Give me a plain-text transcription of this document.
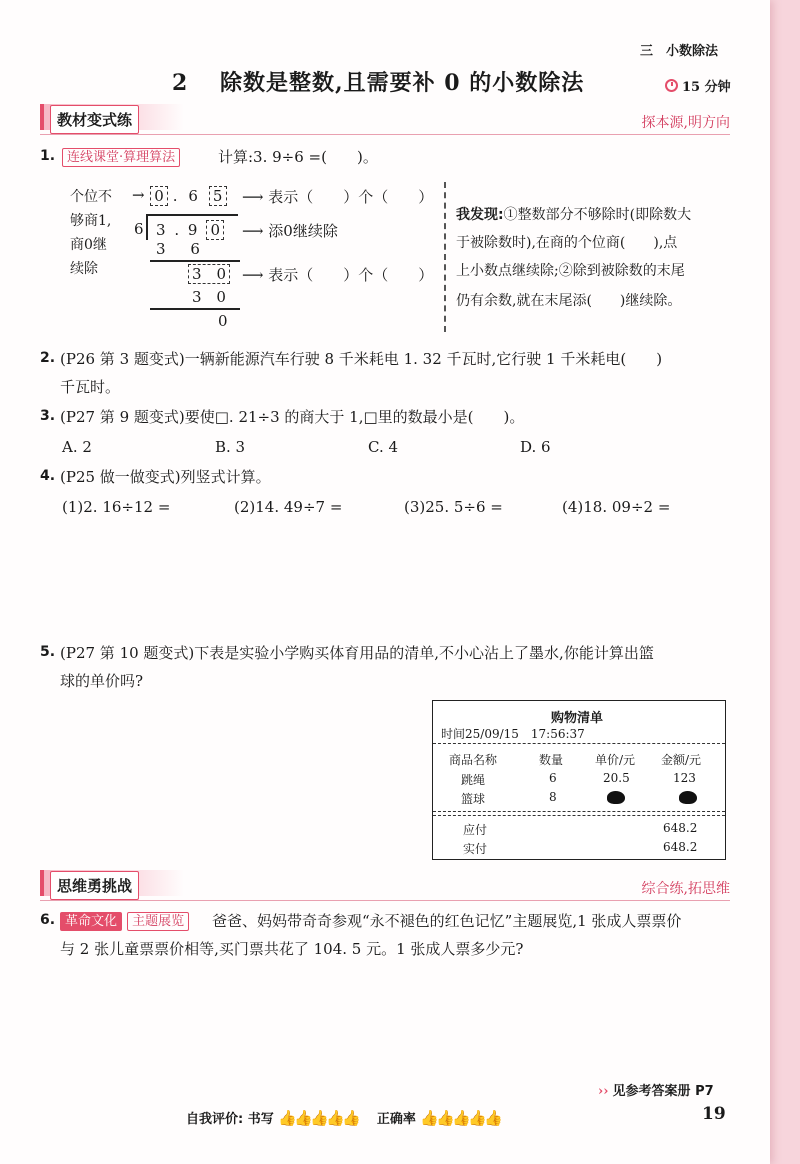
三　小数除法
2　 除数是整数,且需要补 0 的小数除法	15 分钟
教材变式练	探本源,明方向
1. 连线课堂·算理算法	计算:3. 9÷6 =(　　)。
个位不
够商1,
商0继
续除
→ 0 . 6 5
6 3 . 9 0
3 6
3　 0
3 0
0
⟶ 表示（　　）个（　　）
⟶ 添0继续除
⟶ 表示（　　）个（　　）
我发现:①整数部分不够除时(即除数大
于被除数时),在商的个位商(　　),点
上小数点继续除;②除到被除数的末尾
仍有余数,就在末尾添(　　)继续除。
2. (P26 第 3 题变式)一辆新能源汽车行驶 8 千米耗电 1. 32 千瓦时,它行驶 1 千米耗电(　　)
千瓦时。
3. (P27 第 9 题变式)要使□. 21÷3 的商大于 1,□里的数最小是(　　)。
A. 2	B. 3	C. 4	D. 6
4. (P25 做一做变式)列竖式计算。
(1)2. 16÷12 =	(2)14. 49÷7 =	(3)25. 5÷6 =	(4)18. 09÷2 =
5. (P27 第 10 题变式)下表是实验小学购买体育用品的清单,不小心沾上了墨水,你能计算出篮
球的单价吗?
购物清单
时间25/09/15　17:56:37
商品名称	数量	单价/元 金额/元
跳绳	6	20.5	123
篮球	8
应付	648.2
实付	648.2
思维勇挑战	综合练,拓思维
6. 革命文化 主题展览	爸爸、妈妈带奇奇参观“永不褪色的红色记忆”主题展览,1 张成人票票价
与 2 张儿童票票价相等,买门票共花了 104. 5 元。1 张成人票多少元?
›› 见参考答案册 P7
自我评价: 书写 👍👍👍👍👍 正确率 👍👍👍👍👍	19
